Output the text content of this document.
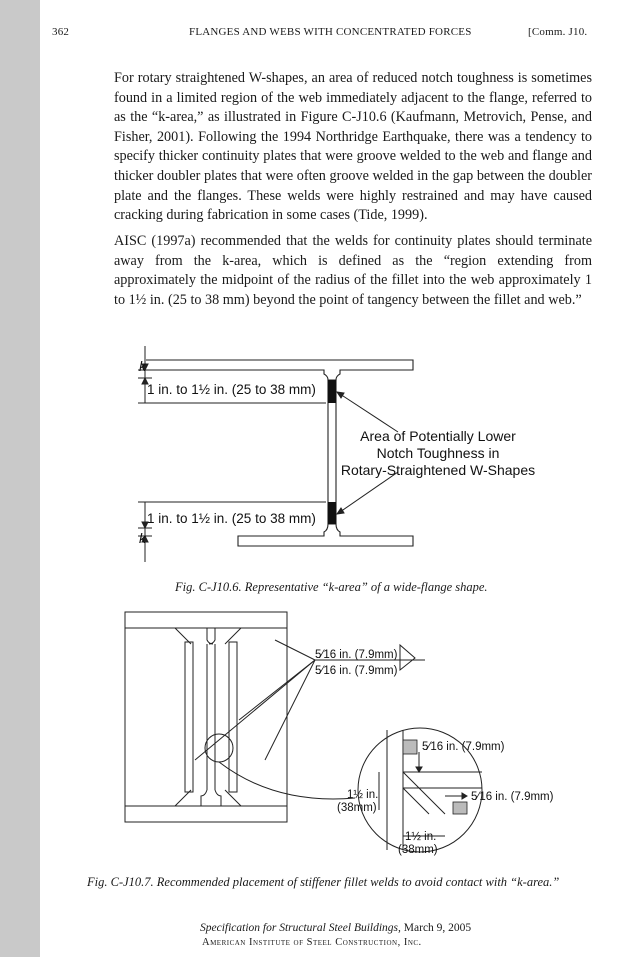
362	FLANGES AND WEBS WITH CONCENTRATED FORCES	[Comm. J10.

For rotary straightened W-shapes, an area of reduced notch toughness is sometimes found in a limited region of the web immediately adjacent to the flange, referred to as the “k-area,” as illustrated in Figure C-J10.6 (Kaufmann, Metrovich, Pense, and Fisher, 2001). Following the 1994 Northridge Earthquake, there was a tendency to specify thicker continuity plates that were groove welded to the web and flange and thicker doubler plates that were often groove welded in the gap between the doubler plate and the flanges. These welds were highly restrained and may have caused cracking during fabrication in some cases (Tide, 1999).

AISC (1997a) recommended that the welds for continuity plates should terminate away from the k-area, which is defined as the “region extending from approximately the midpoint of the radius of the fillet into the web approximately 1 to 1½ in. (25 to 38 mm) beyond the point of tangency between the fillet and web.”

k
1 in. to 1½ in. (25 to 38 mm)
1 in. to 1½ in. (25 to 38 mm)
k
Area of Potentially Lower
Notch Toughness in
Rotary-Straightened W-Shapes
Fig. C-J10.6. Representative “k-area” of a wide-flange shape.
5⁄16 in. (7.9mm)
5⁄16 in. (7.9mm)
5⁄16 in. (7.9mm)
5⁄16 in. (7.9mm)
1½ in.
(38mm)
1½ in.
(38mm)
Fig. C-J10.7. Recommended placement of stiffener fillet welds to avoid contact with “k-area.”
Specification for Structural Steel Buildings, March 9, 2005
American Institute of Steel Construction, Inc.
